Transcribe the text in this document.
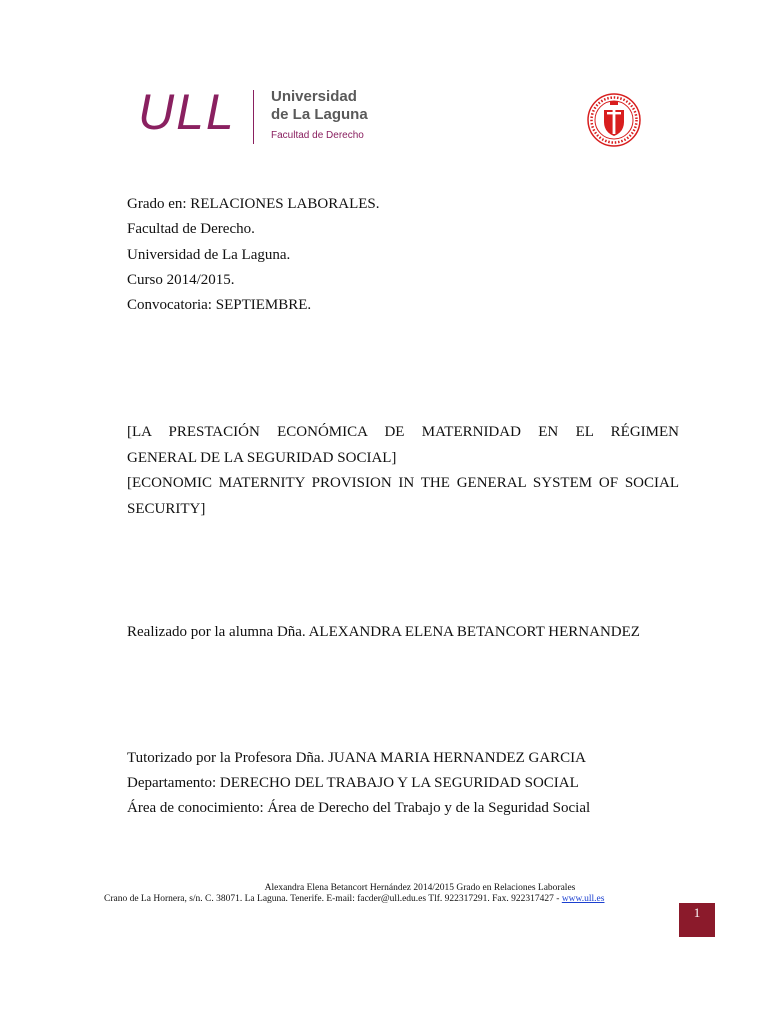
ULL Universidad
de La Laguna
Facultad de Derecho
Grado en: RELACIONES LABORALES.
Facultad de Derecho.
Universidad de La Laguna.
Curso 2014/2015.
Convocatoria: SEPTIEMBRE.
[LA PRESTACIÓN ECONÓMICA DE MATERNIDAD EN EL RÉGIMEN
GENERAL DE LA SEGURIDAD SOCIAL]
[ECONOMIC MATERNITY PROVISION IN THE GENERAL SYSTEM OF SOCIAL
SECURITY]
Realizado por la alumna Dña. ALEXANDRA ELENA BETANCORT HERNANDEZ
Tutorizado por la Profesora Dña. JUANA MARIA HERNANDEZ GARCIA
Departamento: DERECHO DEL TRABAJO Y LA SEGURIDAD SOCIAL
Área de conocimiento: Área de Derecho del Trabajo y de la Seguridad Social
Alexandra Elena Betancort Hernández 2014/2015 Grado en Relaciones Laborales
Crano de La Hornera, s/n. C. 38071. La Laguna. Tenerife. E-mail: facder@ull.edu.es Tlf. 922317291. Fax. 922317427 - www.ull.es
1
